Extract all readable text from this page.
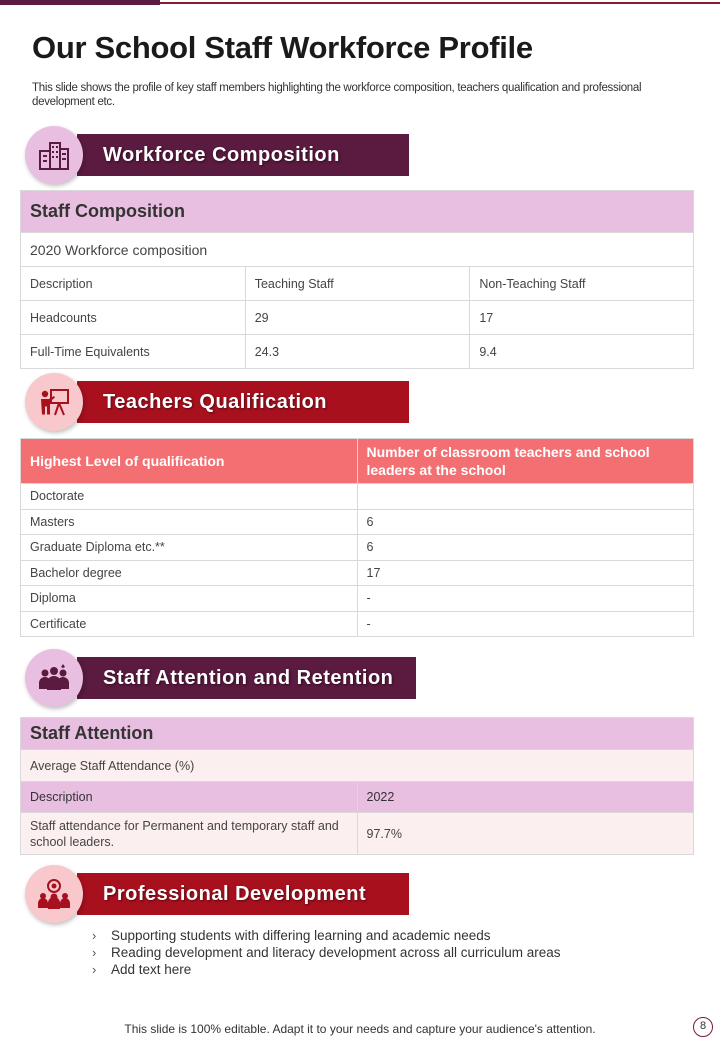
Our School Staff Workforce Profile
This slide shows the profile of key staff members highlighting the workforce composition, teachers qualification and professional development etc.
Workforce Composition
Staff Composition		
2020 Workforce composition		
Description	Teaching Staff	Non-Teaching Staff
Headcounts	29	17
Full-Time Equivalents	24.3	9.4
Teachers Qualification
Highest Level of qualification	Number of classroom teachers and school leaders at the school
Doctorate	
Masters	6
Graduate Diploma etc.**	6
Bachelor degree	17
Diploma	-
Certificate	-
Staff Attention and Retention
Staff Attention	
Average Staff Attendance (%)	
Description	2022
Staff attendance for Permanent and temporary staff and school leaders.	97.7%
Professional Development
› Supporting students with differing learning and academic needs
› Reading development and literacy development across all curriculum areas
› Add text here
This slide is 100% editable. Adapt it to your needs and capture your audience's attention.	8
